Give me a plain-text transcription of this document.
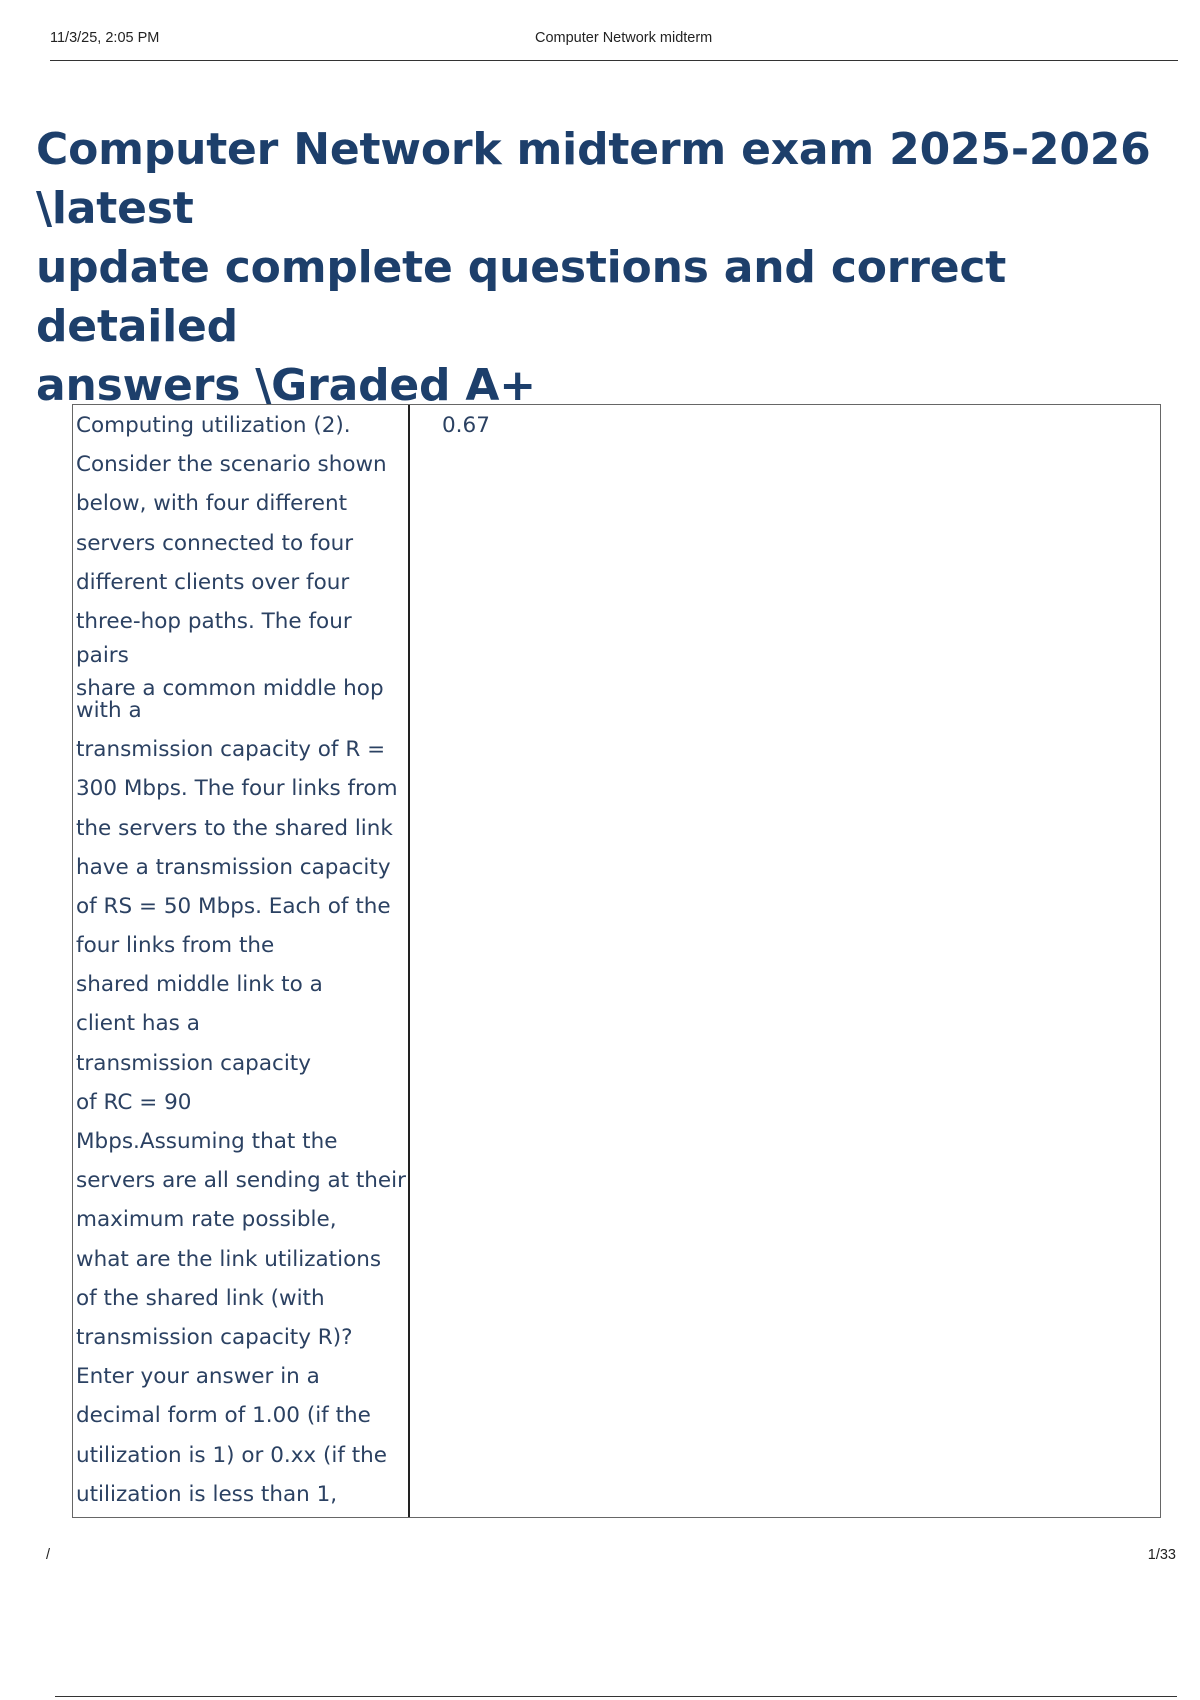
11/3/25, 2:05 PM	Computer Network midterm
Computer Network midterm exam 2025-2026 \latest
update complete questions and correct detailed
answers \Graded A+
Computing utilization (2).
Consider the scenario shown
below, with four different
servers connected to four
different clients over four
three-hop paths. The four
pairs
share a common middle hop
with a
transmission capacity of R =
300 Mbps. The four links from
the servers to the shared link
have a transmission capacity
of RS = 50 Mbps. Each of the
four links from the
shared middle link to a
client has a
transmission capacity
of RC = 90
Mbps.Assuming that the
servers are all sending at their
maximum rate possible,
what are the link utilizations
of the shared link (with
transmission capacity R)?
Enter your answer in a
decimal form of 1.00 (if the
utilization is 1) or 0.xx (if the
utilization is less than 1,
0.67
/	1/33
